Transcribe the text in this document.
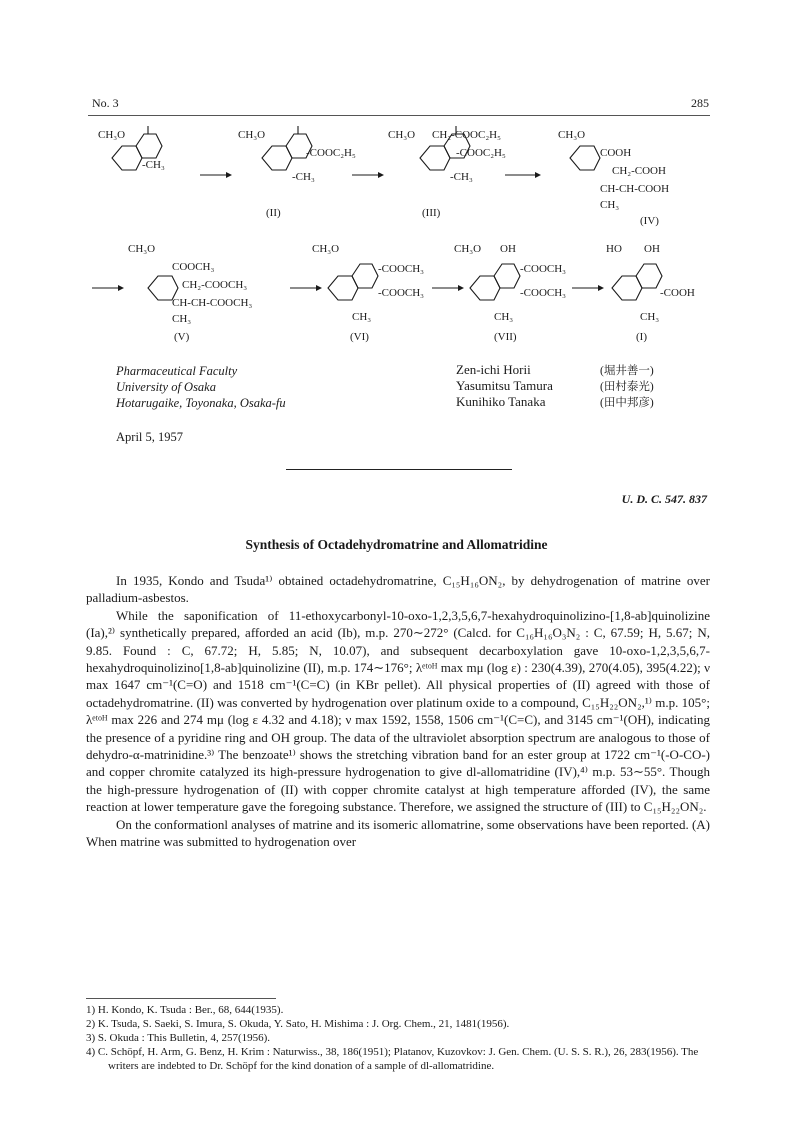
No. 3	285
CH₃O
-CH₃
CH₃O
-COOC₂H₅
-CH₃
(II)
CH₃O CH₂-COOC₂H₅
-COOC₂H₅
-CH₃
(III)
CH₃O
COOH
CH₂-COOH
CH-CH-COOH
CH₃
(IV)
CH₃O
COOCH₃
CH₂-COOCH₃
CH-CH-COOCH₃
CH₃
(V)
CH₃O
-COOCH₃
-COOCH₃
CH₃
(VI)
CH₃O OH
-COOCH₃
-COOCH₃
CH₃
(VII)
HO OH
-COOH
CH₃
(I)
Pharmaceutical Faculty
University of Osaka
Hotarugaike, Toyonaka, Osaka-fu
Zen-ichi Horii
Yasumitsu Tamura
Kunihiko Tanaka
(堀井善一)
(田村泰光)
(田中邦彦)
April 5, 1957
U. D. C. 547. 837
Synthesis of Octadehydromatrine and Allomatridine

In 1935, Kondo and Tsuda¹⁾ obtained octadehydromatrine, C₁₅H₁₆ON₂, by dehydrogenation of matrine over palladium-asbestos.

While the saponification of 11-ethoxycarbonyl-10-oxo-1,2,3,5,6,7-hexahydroquinolizino-[1,8-ab]quinolizine (Ia),²⁾ synthetically prepared, afforded an acid (Ib), m.p. 270∼272° (Calcd. for C₁₆H₁₆O₃N₂ : C, 67.59; H, 5.67; N, 9.85. Found : C, 67.72; H, 5.85; N, 10.07), and subsequent decarboxylation gave 10-oxo-1,2,3,5,6,7-hexahydroquinolizino[1,8-ab]quinolizine (II), m.p. 174∼176°; λᵉᵗᵒᴴ max mμ (log ε) : 230(4.39), 270(4.05), 395(4.22); ν max 1647 cm⁻¹(C=O) and 1518 cm⁻¹(C=C) (in KBr pellet). All physical properties of (II) agreed with those of octadehydromatrine. (II) was converted by hydrogenation over platinum oxide to a compound, C₁₅H₂₂ON₂,¹⁾ m.p. 105°; λᵉᵗᵒᴴ max 226 and 274 mμ (log ε 4.32 and 4.18); ν max 1592, 1558, 1506 cm⁻¹(C=C), and 3145 cm⁻¹(OH), indicating the presence of a pyridine ring and OH group. The data of the ultraviolet absorption spectrum are analogous to those of dehydro-α-matrinidine.³⁾ The benzoate¹⁾ shows the stretching vibration band for an ester group at 1722 cm⁻¹(-O-CO-) and copper chromite catalyzed its high-pressure hydrogenation to give dl-allomatridine (IV),⁴⁾ m.p. 53∼55°. Though the high-pressure hydrogenation of (II) with copper chromite catalyst at high temperature afforded (IV), the same reaction at lower temperature gave the foregoing substance. Therefore, we assigned the structure of (III) to C₁₅H₂₂ON₂.

On the conformationl analyses of matrine and its isomeric allomatrine, some observations have been reported. (A) When matrine was submitted to hydrogenation over

1) H. Kondo, K. Tsuda : Ber., 68, 644(1935).
2) K. Tsuda, S. Saeki, S. Imura, S. Okuda, Y. Sato, H. Mishima : J. Org. Chem., 21, 1481(1956).
3) S. Okuda : This Bulletin, 4, 257(1956).
4) C. Schöpf, H. Arm, G. Benz, H. Krim : Naturwiss., 38, 186(1951); Platanov, Kuzovkov: J. Gen. Chem. (U. S. S. R.), 26, 283(1956). The writers are indebted to Dr. Schöpf for the kind donation of a sample of dl-allomatridine.
